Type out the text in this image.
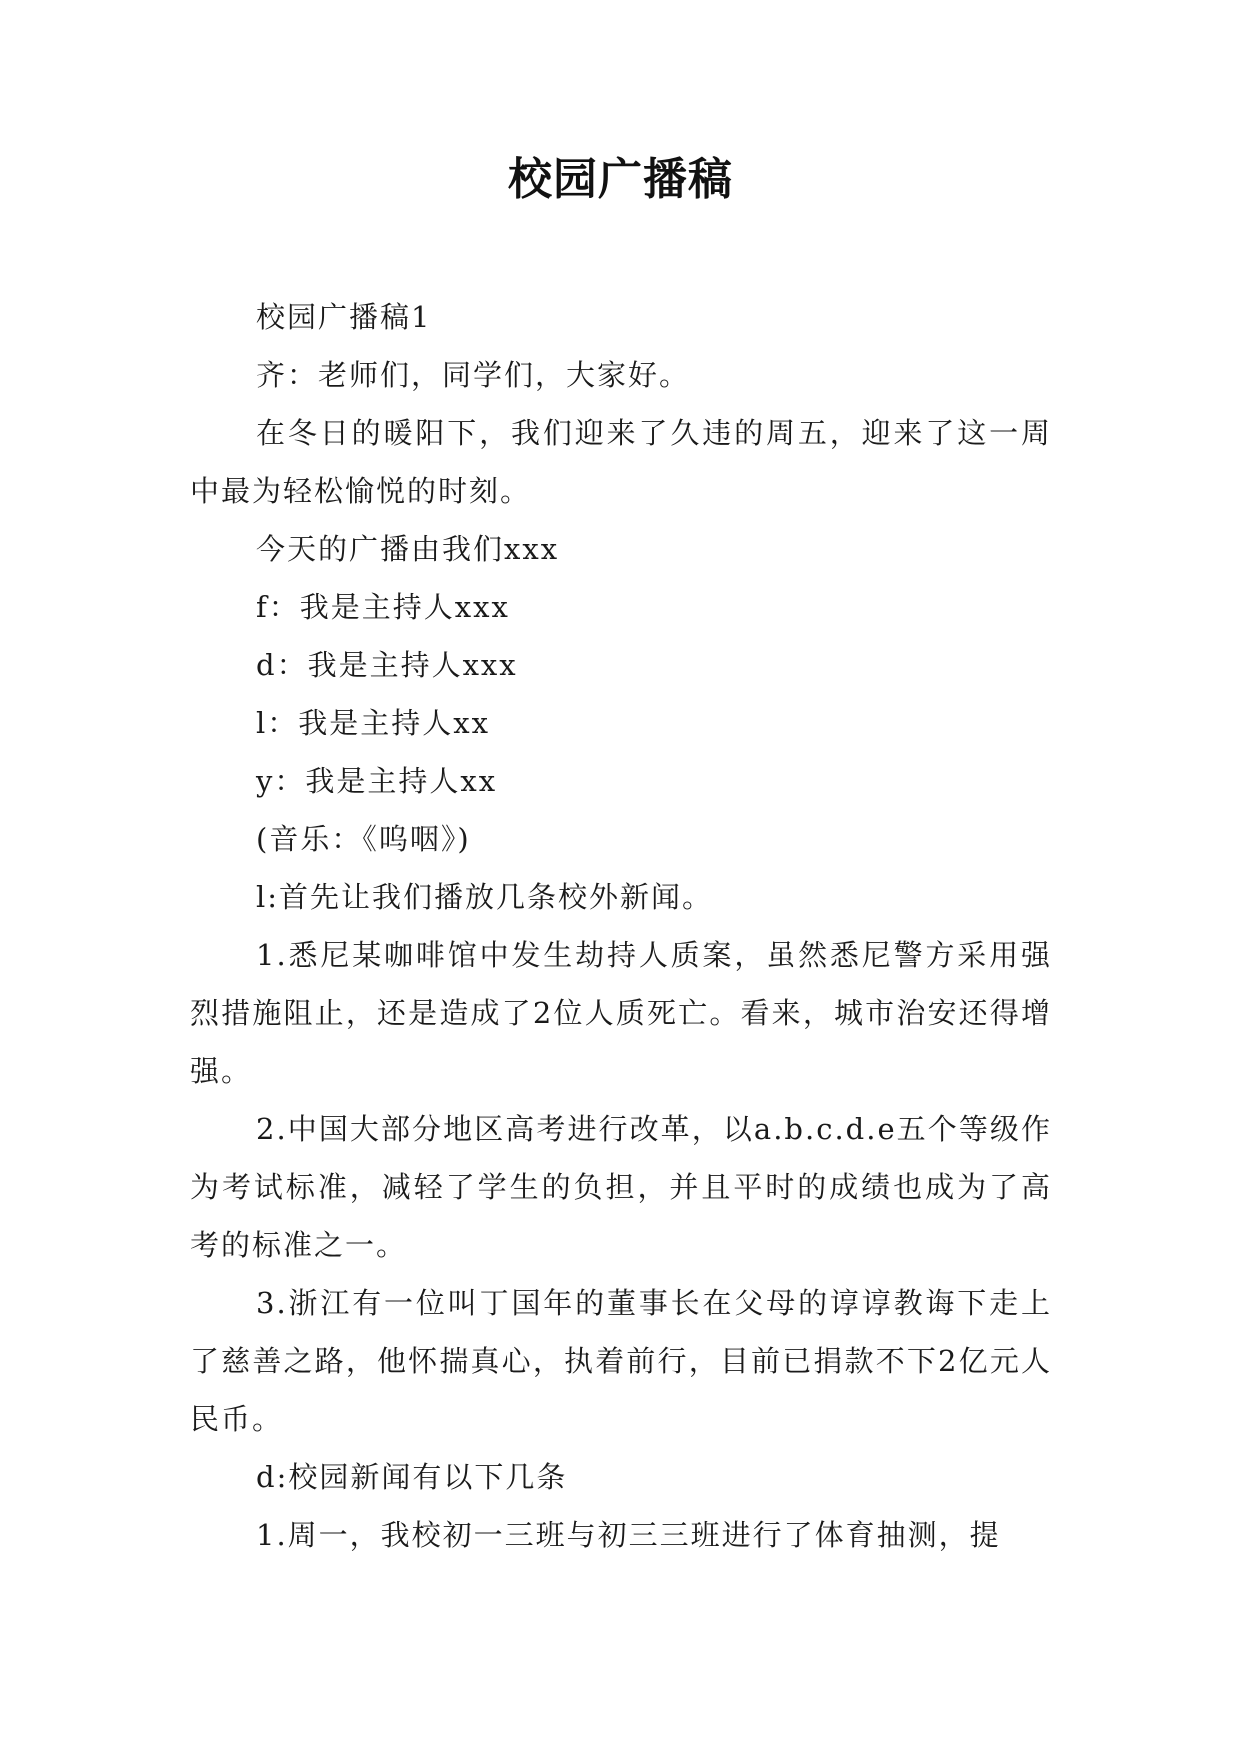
校园广播稿

校园广播稿1

齐：老师们，同学们，大家好。

在冬日的暖阳下，我们迎来了久违的周五，迎来了这一周中最为轻松愉悦的时刻。

今天的广播由我们xxx

f：我是主持人xxx

d：我是主持人xxx

l：我是主持人xx

y：我是主持人xx

(音乐：《呜咽》)

l:首先让我们播放几条校外新闻。

1.悉尼某咖啡馆中发生劫持人质案，虽然悉尼警方采用强烈措施阻止，还是造成了2位人质死亡。看来，城市治安还得增强。

2.中国大部分地区高考进行改革，以a.b.c.d.e五个等级作为考试标准，减轻了学生的负担，并且平时的成绩也成为了高考的标准之一。

3.浙江有一位叫丁国年的董事长在父母的谆谆教诲下走上了慈善之路，他怀揣真心，执着前行，目前已捐款不下2亿元人民币。

d:校园新闻有以下几条

1.周一，我校初一三班与初三三班进行了体育抽测，提
